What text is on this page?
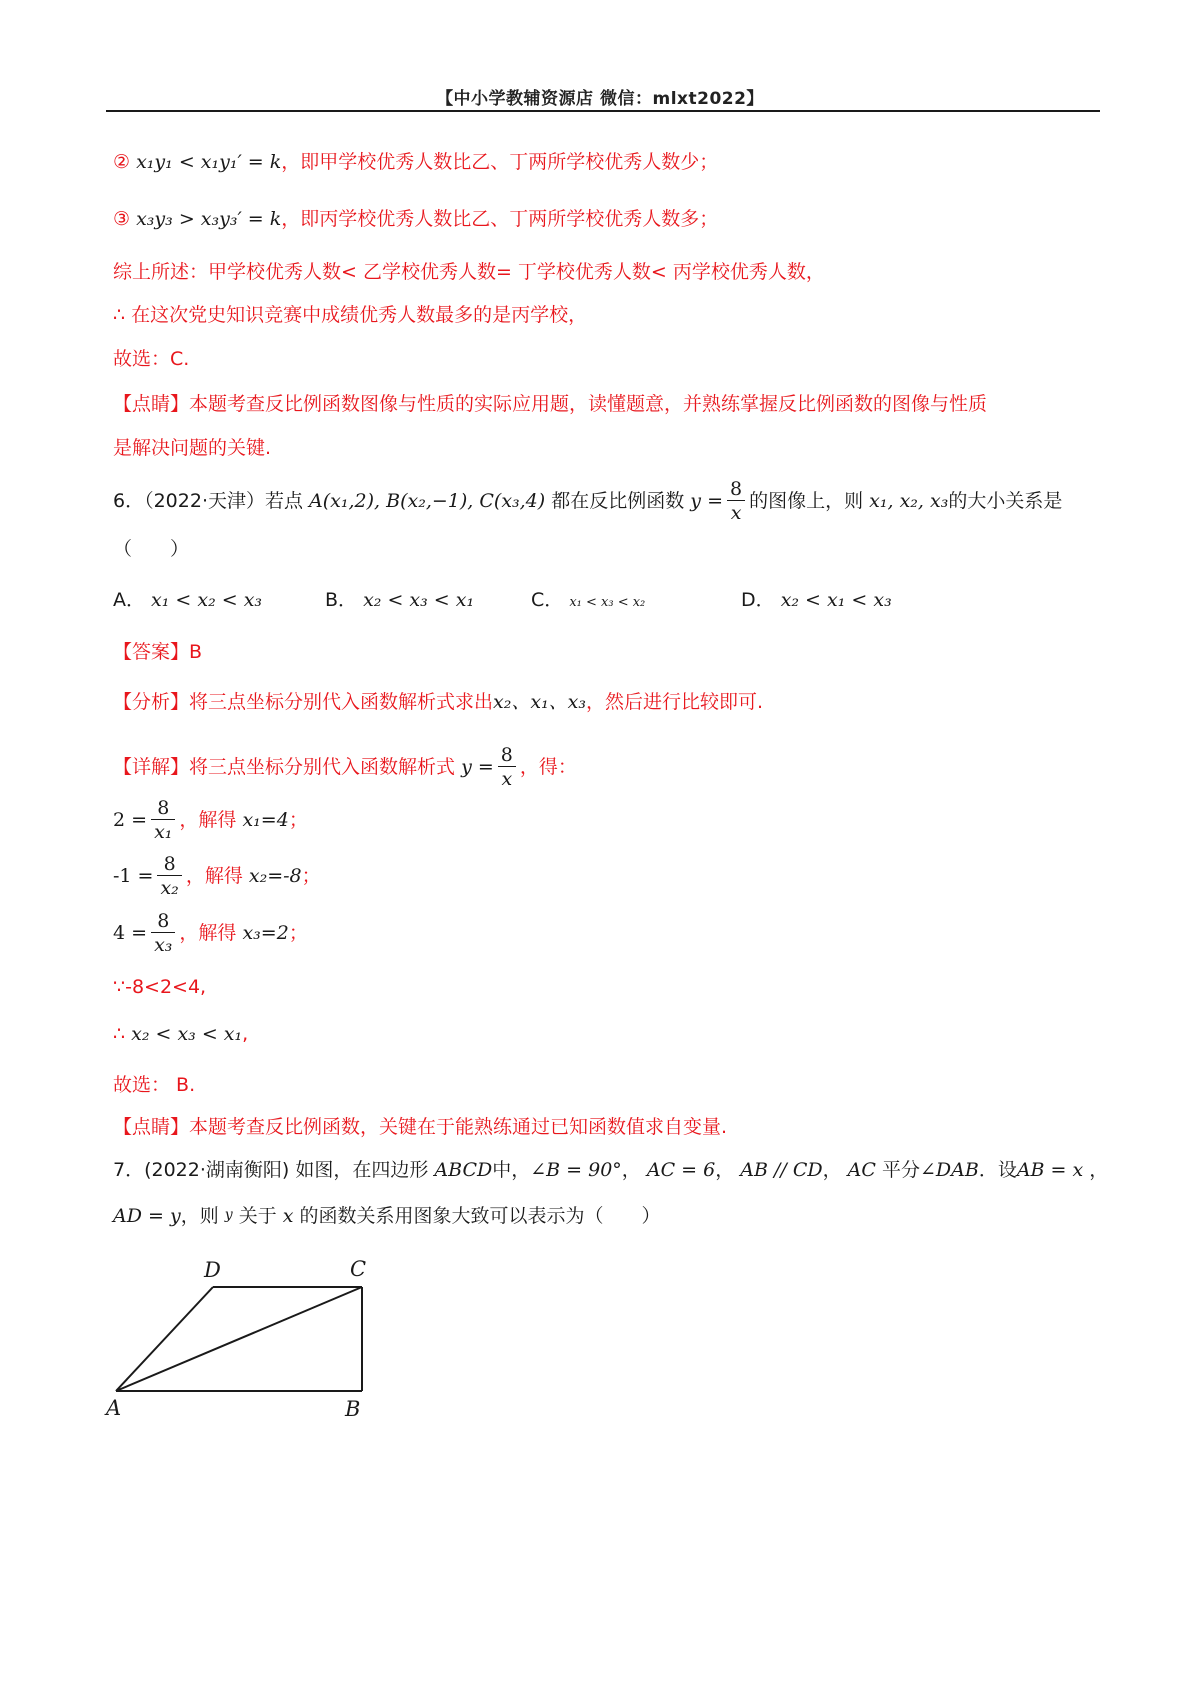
【中小学教辅资源店 微信：mlxt2022】
② x₁y₁ < x₁y₁′ = k，即甲学校优秀人数比乙、丁两所学校优秀人数少；
③ x₃y₃ > x₃y₃′ = k，即丙学校优秀人数比乙、丁两所学校优秀人数多；
综上所述：甲学校优秀人数< 乙学校优秀人数= 丁学校优秀人数< 丙学校优秀人数，
∴ 在这次党史知识竞赛中成绩优秀人数最多的是丙学校，
故选：C.
【点睛】本题考查反比例函数图像与性质的实际应用题，读懂题意，并熟练掌握反比例函数的图像与性质
是解决问题的关键.
6．（2022·天津）若点 A(x₁,2), B(x₂,−1), C(x₃,4) 都在反比例函数 $y = \frac{8}{x}$ 的图像上，则 x₁, x₂, x₃的大小关系是
（　　）
A． x₁ < x₂ < x₃	B． x₂ < x₃ < x₁	C． x₁ < x₃ < x₂	D． x₂ < x₁ < x₃
【答案】B
【分析】将三点坐标分别代入函数解析式求出x₂、x₁、x₃，然后进行比较即可.
【详解】将三点坐标分别代入函数解析式 $y = \frac{8}{x}$ ，得：
$2 = \frac{8}{\text{x₁}}$ ，解得 x₁=4；
$-1 = \frac{8}{\text{x₂}}$ ，解得 x₂=-8；
$4 = \frac{8}{\text{x₃}}$ ，解得 x₃=2；
∵-8<2<4,
∴ x₂ < x₃ < x₁,
故选： B.
【点睛】本题考查反比例函数，关键在于能熟练通过已知函数值求自变量.
7．(2022·湖南衡阳) 如图，在四边形 ABCD中，∠B = 90°， AC = 6， AB // CD， AC 平分∠DAB．设AB = x ，
AD = y，则 y 关于 x 的函数关系用图象大致可以表示为（　　）
D	C
A	B
